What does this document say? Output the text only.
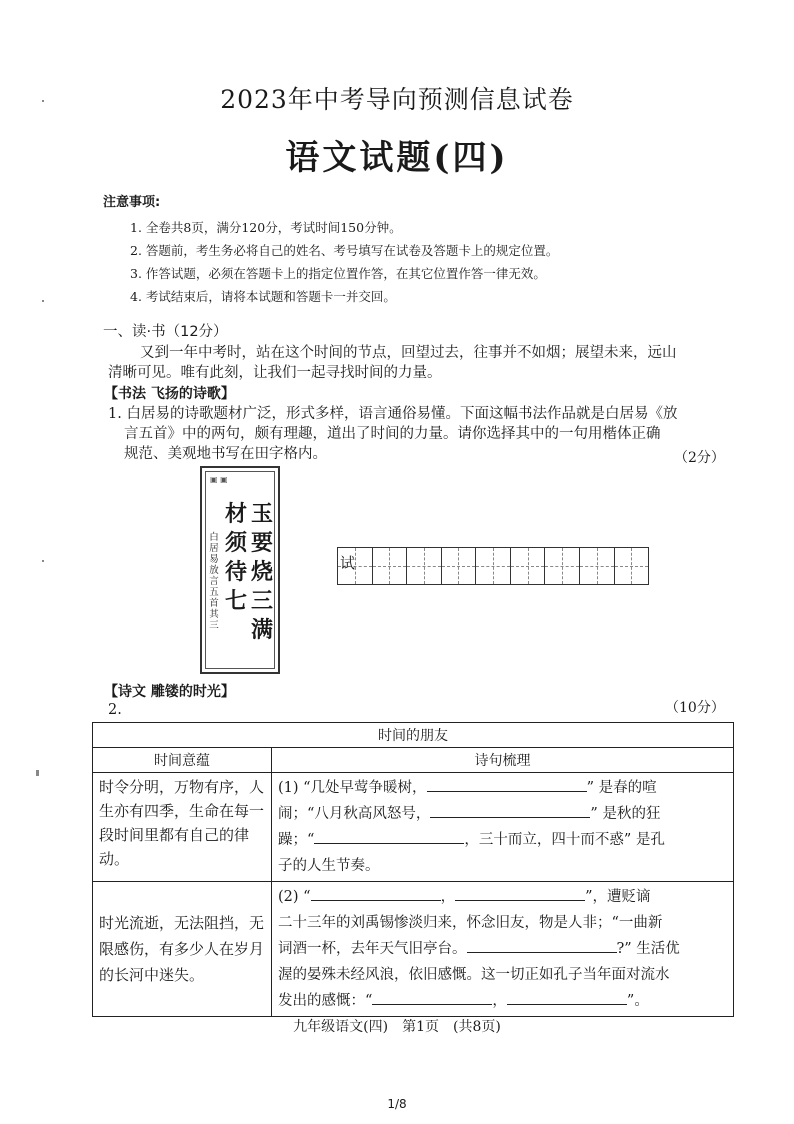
2023年中考导向预测信息试卷
语文试题(四)
注意事项:
1. 全卷共8页，满分120分，考试时间150分钟。
2. 答题前，考生务必将自己的姓名、考号填写在试卷及答题卡上的规定位置。
3. 作答试题，必须在答题卡上的指定位置作答，在其它位置作答一律无效。
4. 考试结束后，请将本试题和答题卡一并交回。
一、读·书（12分）
又到一年中考时，站在这个时间的节点，回望过去，往事并不如烟；展望未来，远山
清晰可见。唯有此刻，让我们一起寻找时间的力量。
【书法 飞扬的诗歌】
1. 白居易的诗歌题材广泛，形式多样，语言通俗易懂。下面这幅书法作品就是白居易《放
言五首》中的两句，颇有理趣，道出了时间的力量。请你选择其中的一句用楷体正确
规范、美观地书写在田字格内。	（2分）
▣ ▣
玉
要
烧
三
满
材
须
待
七
白
居
易
放
言
五
首
其
三
试
【诗文 雕镂的时光】
2.	（10分）
时间的朋友	
时间意蕴	诗句梳理
时令分明，万物有序，人生亦有四季，生命在每一段时间里都有自己的律动。	(1) “几处早莺争暖树， ” 是春的喧
闹；“八月秋高风怒号， ” 是秋的狂
躁；“ ，三十而立，四十而不惑” 是孔
子的人生节奏。
时光流逝，无法阻挡，无限感伤，有多少人在岁月的长河中迷失。	(2) “ ， ”，遭贬谪
二十三年的刘禹锡惨淡归来，怀念旧友，物是人非；“一曲新
词酒一杯，去年天气旧亭台。 ?” 生活优
渥的晏殊未经风浪，依旧感慨。这一切正如孔子当年面对流水
发出的感慨：“ ， ”。
九年级语文(四)　第1页　(共8页)
1/8
